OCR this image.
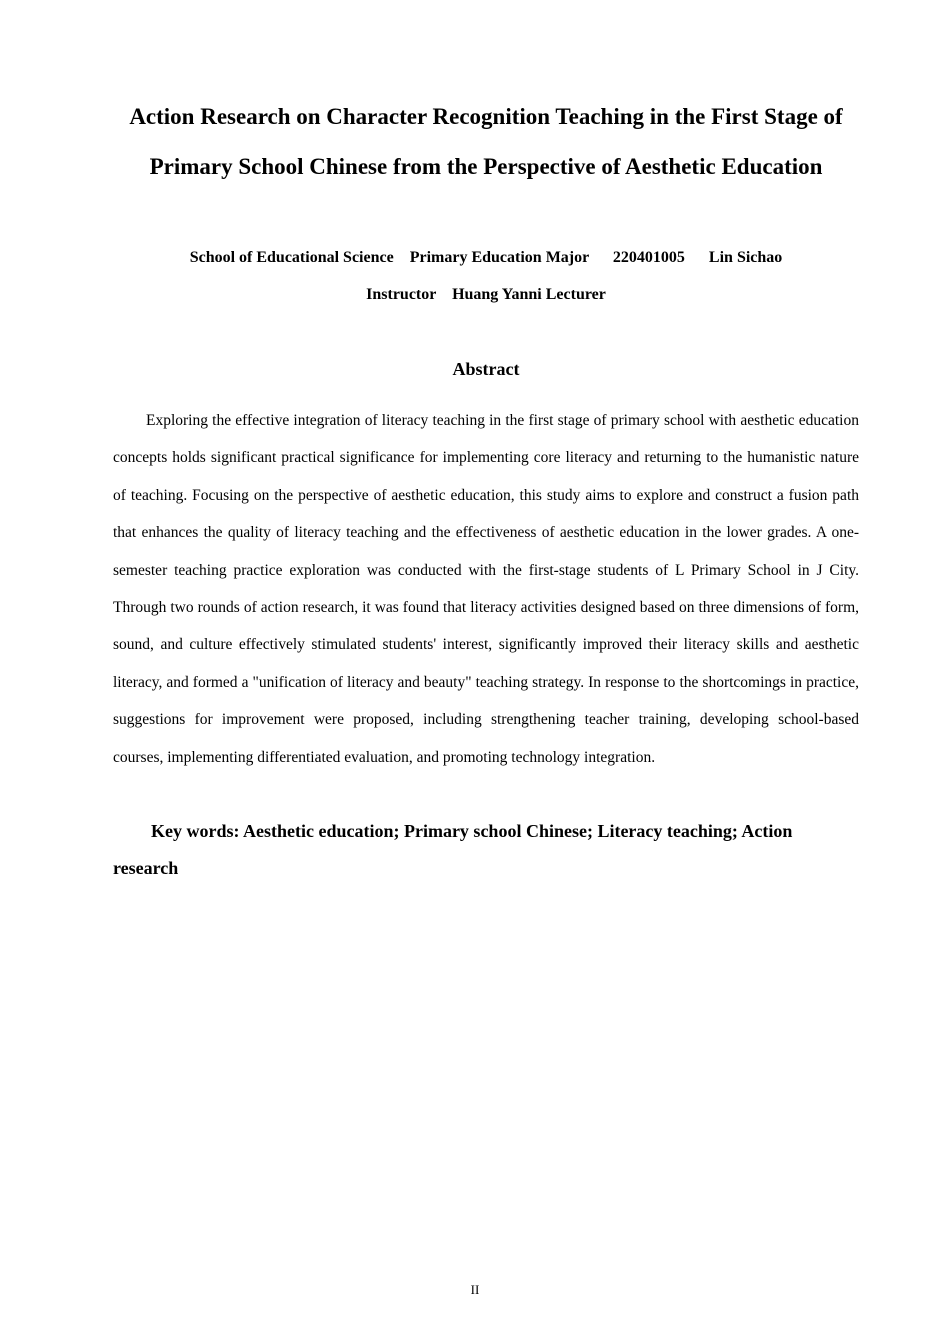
Action Research on Character Recognition Teaching in the First Stage of
Primary School Chinese from the Perspective of Aesthetic Education
School of Educational Science    Primary Education Major      220401005      Lin Sichao
Instructor    Huang Yanni Lecturer
Abstract

Exploring the effective integration of literacy teaching in the first stage of primary school with aesthetic education concepts holds significant practical significance for implementing core literacy and returning to the humanistic nature of teaching. Focusing on the perspective of aesthetic education, this study aims to explore and construct a fusion path that enhances the quality of literacy teaching and the effectiveness of aesthetic education in the lower grades. A one-semester teaching practice exploration was conducted with the first-stage students of L Primary School in J City. Through two rounds of action research, it was found that literacy activities designed based on three dimensions of form, sound, and culture effectively stimulated students' interest, significantly improved their literacy skills and aesthetic literacy, and formed a "unification of literacy and beauty" teaching strategy. In response to the shortcomings in practice, suggestions for improvement were proposed, including strengthening teacher training, developing school-based courses, implementing differentiated evaluation, and promoting technology integration.

Key words: Aesthetic education; Primary school Chinese; Literacy teaching; Action research

II
